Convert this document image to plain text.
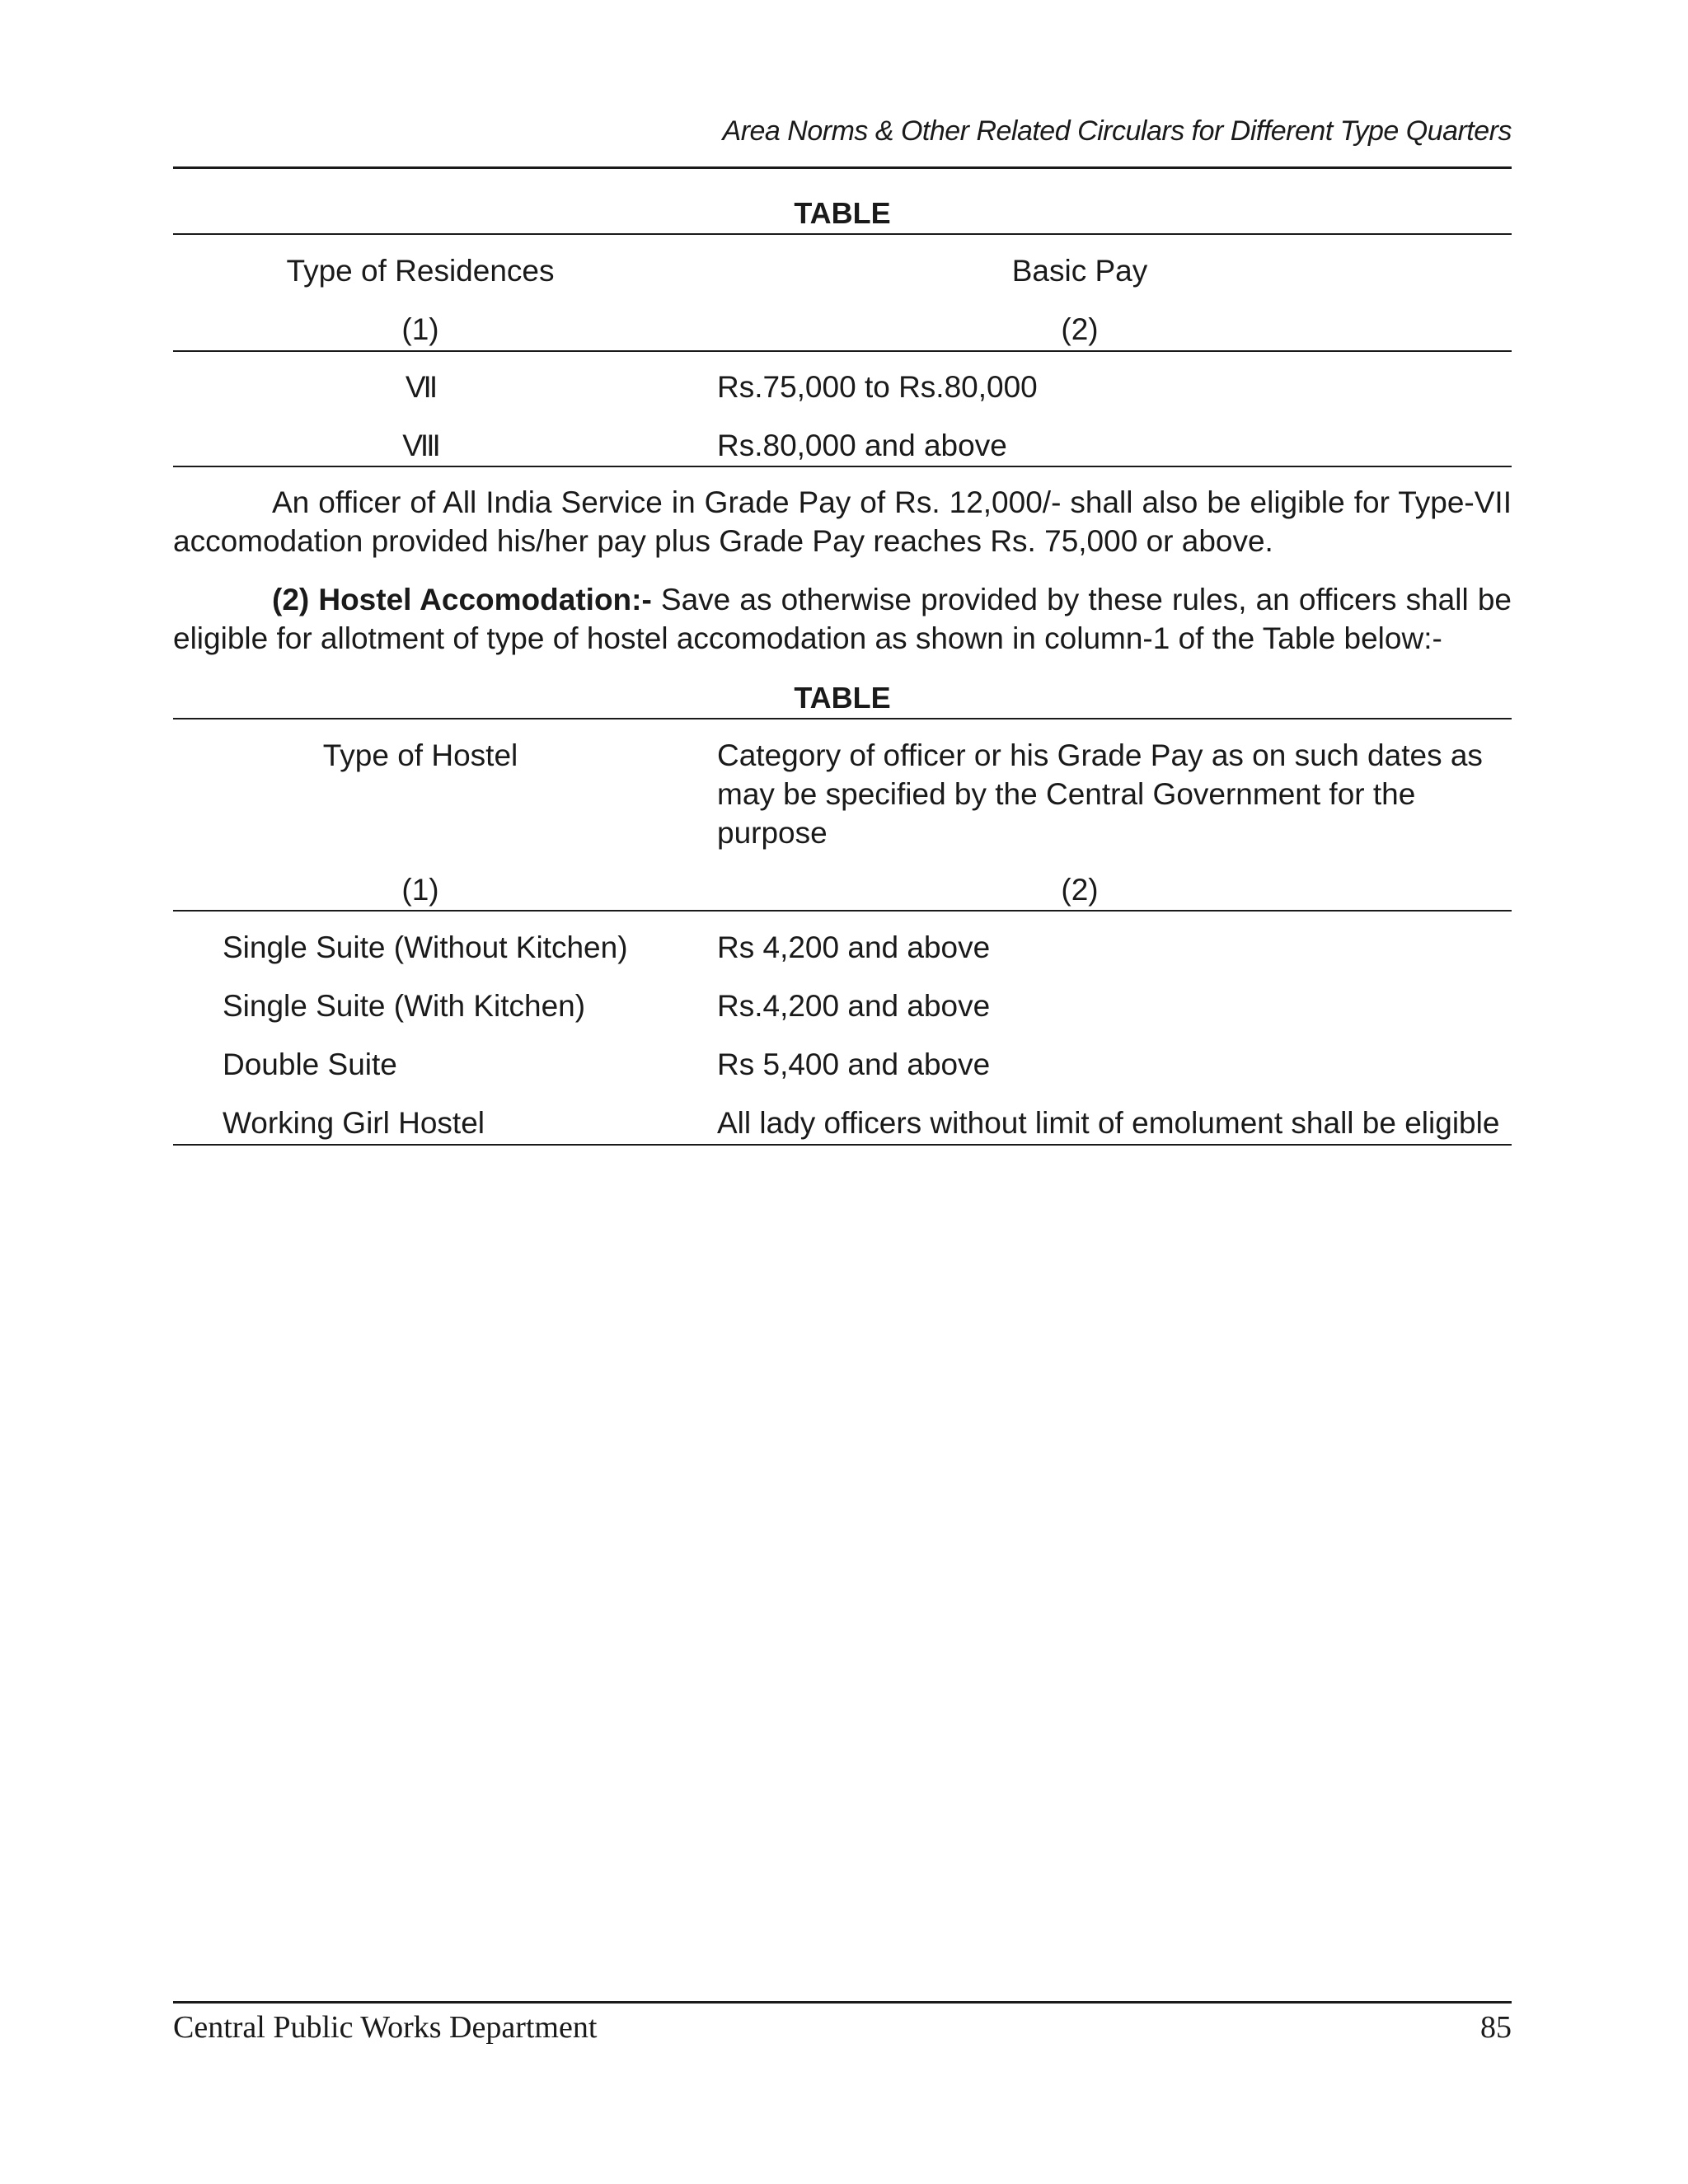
Area Norms & Other Related Circulars for Different Type Quarters
TABLE
Type of Residences	Basic Pay
(1)	(2)
VII	Rs.75,000 to Rs.80,000
VIII	Rs.80,000 and above
An officer of All India Service in Grade Pay of Rs. 12,000/- shall also be eligible for Type-VII accomodation provided his/her pay plus Grade Pay reaches Rs. 75,000 or above.
(2) Hostel Accomodation:- Save as otherwise provided by these rules, an officers shall be eligible for allotment of type of hostel accomodation as shown in column-1 of the Table below:-
TABLE
Type of Hostel	Category of officer or his Grade Pay as on such dates as may be specified by the Central Government for the purpose
(1)	(2)
Single Suite (Without Kitchen)	Rs 4,200 and above
Single Suite (With Kitchen)	Rs.4,200 and above
Double Suite	Rs 5,400 and above
Working Girl Hostel	All lady officers without limit of emolument shall be eligible
Central Public Works Department	85
